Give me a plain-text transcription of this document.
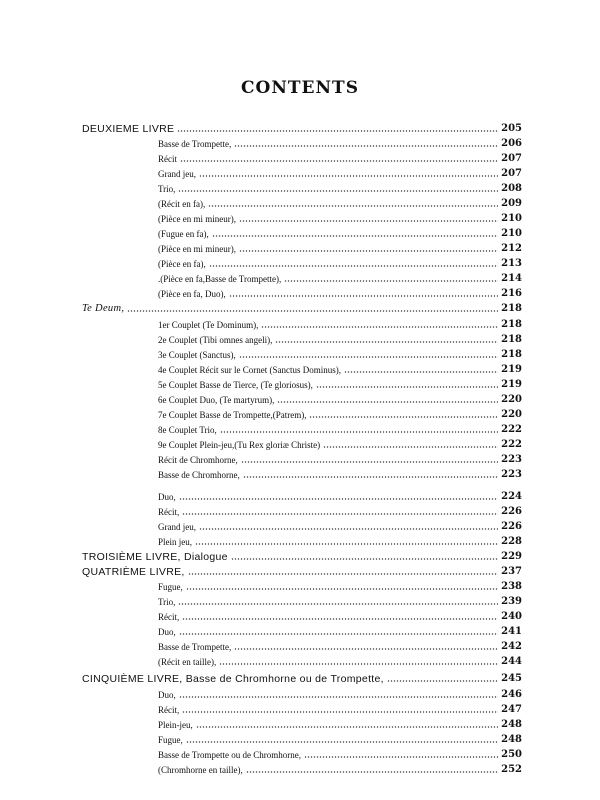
CONTENTS
DEUXIEME LIVRE	205
Basse de Trompette,	206
Récit	207
Grand jeu,	207
Trio,	208
(Récit en fa),	209
(Pièce en mi mineur),	210
(Fugue en fa),	210
(Pièce en mi mineur),	212
(Pièce en fa),	213
.(Pièce en fa,Basse de Trompette),	214
(Pièce en fa, Duo),	216
Te Deum,	218
1er Couplet (Te Dominum),	218
2e Couplet (Tibi omnes angeli),	218
3e Couplet (Sanctus),	218
4e Couplet Récit sur le Cornet (Sanctus Dominus),	219
5e Couplet Basse de Tierce, (Te gloriosus),	219
6e Couplet Duo, (Te martyrum),	220
7e Couplet Basse de Trompette,(Patrem),	220
8e Couplet Trio,	222
9e Couplet Plein-jeu,(Tu Rex gloriæ Christe)	222
Récit de Chromhorne,	223
Basse de Chromhorne,	223
Duo,	224
Récit,	226
Grand jeu,	226
Plein jeu,	228
TROISIÈME LIVRE, Dialogue	229
QUATRIÈME LIVRE,	237
Fugue,	238
Trio,	239
Récit,	240
Duo,	241
Basse de Trompette,	242
(Récit en taille),	244
CINQUIÈME LIVRE, Basse de Chromhorne ou de Trompette,	245
Duo,	246
Récit,	247
Plein-jeu,	248
Fugue,	248
Basse de Trompette ou de Chromhorne,	250
(Chromhorne en taille),	252
